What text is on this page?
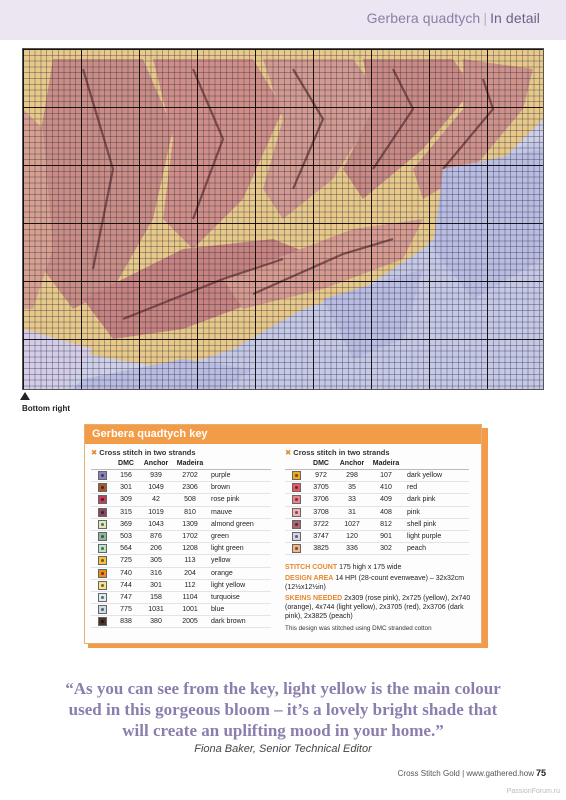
Gerbera quadtych | In detail
Bottom right
Gerbera quadtych key
✖ Cross stitch in two strands
	DMC	Anchor	Madeira	
	156	939	2702	purple
	301	1049	2306	brown
	309	42	508	rose pink
	315	1019	810	mauve
	369	1043	1309	almond green
	503	876	1702	green
	564	206	1208	light green
	725	305	113	yellow
	740	316	204	orange
	744	301	112	light yellow
	747	158	1104	turquoise
	775	1031	1001	blue
	838	380	2005	dark brown
✖ Cross stitch in two strands
	DMC	Anchor	Madeira	
	972	298	107	dark yellow
	3705	35	410	red
	3706	33	409	dark pink
	3708	31	408	pink
	3722	1027	812	shell pink
	3747	120	901	light purple
	3825	336	302	peach

STITCH COUNT 175 high x 175 wide

DESIGN AREA 14 HPI (28-count evenweave) – 32x32cm (12½x12½in)

SKEINS NEEDED 2x309 (rose pink), 2x725 (yellow), 2x740 (orange), 4x744 (light yellow), 2x3705 (red), 2x3706 (dark pink), 2x3825 (peach)

This design was stitched using DMC stranded cotton

“As you can see from the key, light yellow is the main colour used in this gorgeous bloom – it’s a lovely bright shade that will create an uplifting mood in your home.”
Fiona Baker, Senior Technical Editor
Cross Stitch Gold | www.gathered.how 75
PassionForum.ru
